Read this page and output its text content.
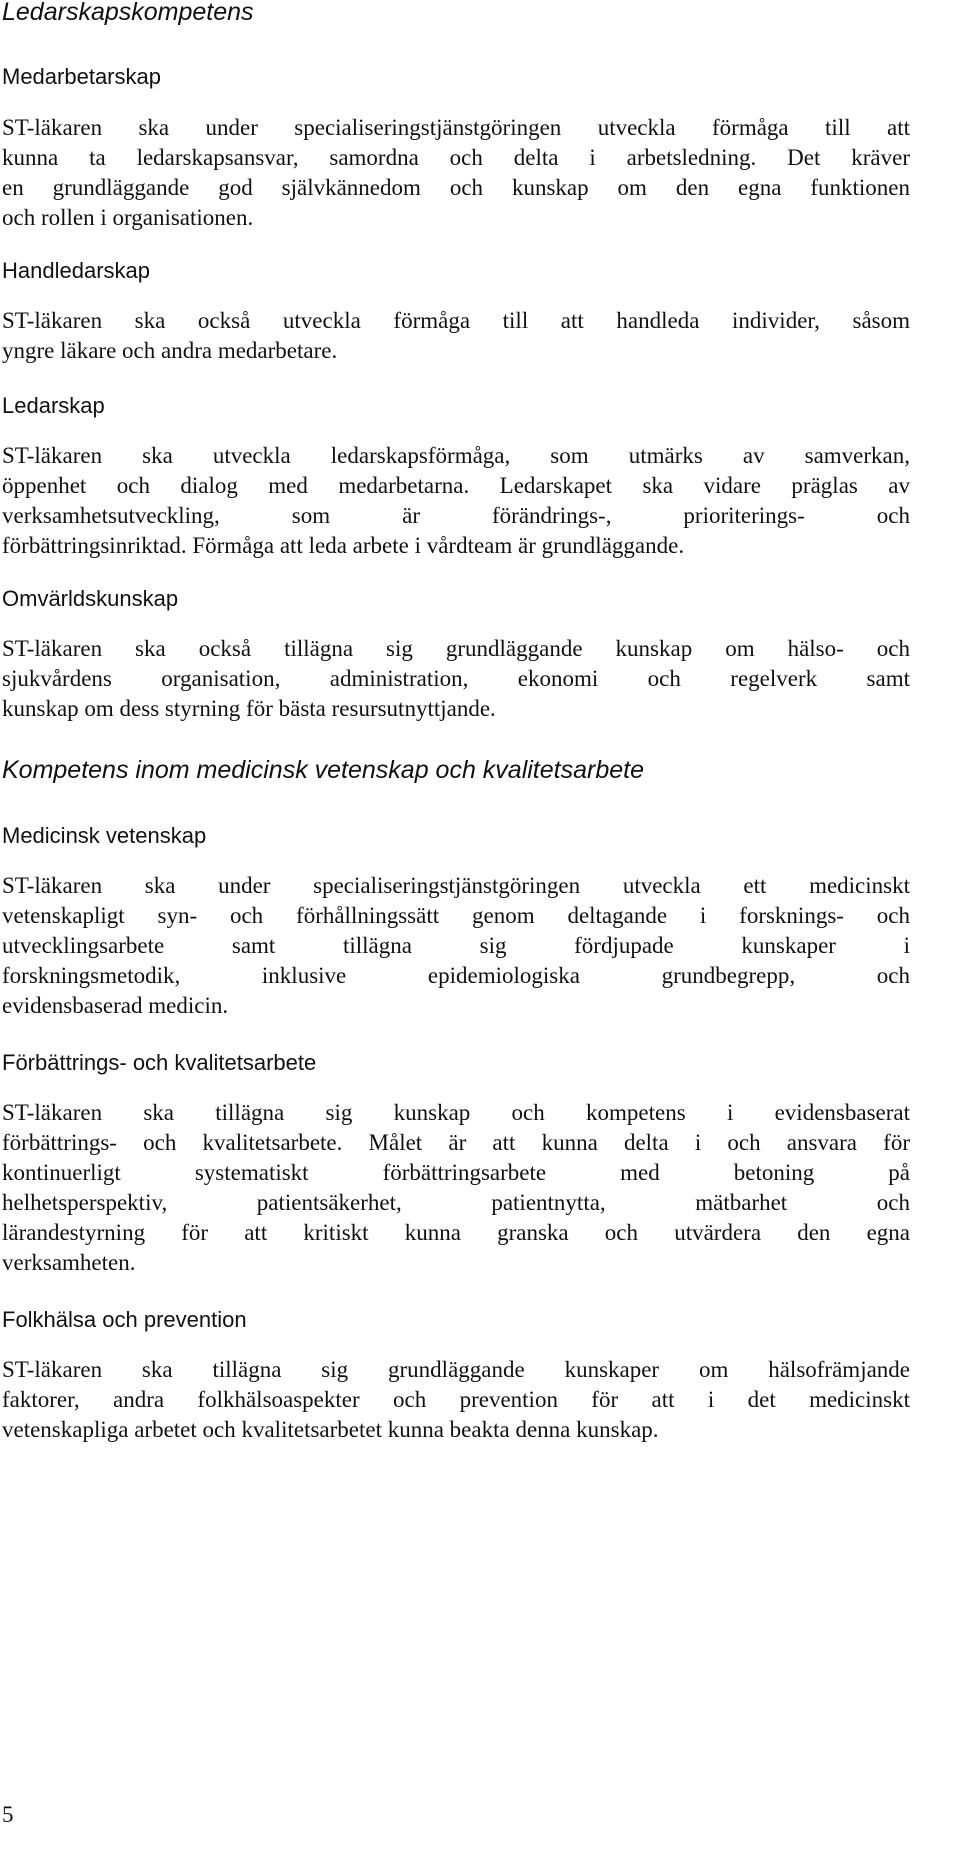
Ledarskapskompetens
Medarbetarskap
ST-läkaren ska under specialiseringstjänstgöringen utveckla förmåga till att
kunna ta ledarskapsansvar, samordna och delta i arbetsledning. Det kräver
en grundläggande god självkännedom och kunskap om den egna funktionen
och rollen i organisationen.
Handledarskap
ST-läkaren ska också utveckla förmåga till att handleda individer, såsom
yngre läkare och andra medarbetare.
Ledarskap
ST-läkaren ska utveckla ledarskapsförmåga, som utmärks av samverkan,
öppenhet och dialog med medarbetarna. Ledarskapet ska vidare präglas av
verksamhetsutveckling, som är förändrings-, prioriterings- och
förbättringsinriktad. Förmåga att leda arbete i vårdteam är grundläggande.
Omvärldskunskap
ST-läkaren ska också tillägna sig grundläggande kunskap om hälso- och
sjukvårdens organisation, administration, ekonomi och regelverk samt
kunskap om dess styrning för bästa resursutnyttjande.
Kompetens inom medicinsk vetenskap och kvalitetsarbete
Medicinsk vetenskap
ST-läkaren ska under specialiseringstjänstgöringen utveckla ett medicinskt
vetenskapligt syn- och förhållningssätt genom deltagande i forsknings- och
utvecklingsarbete samt tillägna sig fördjupade kunskaper i
forskningsmetodik, inklusive epidemiologiska grundbegrepp, och
evidensbaserad medicin.
Förbättrings- och kvalitetsarbete
ST-läkaren ska tillägna sig kunskap och kompetens i evidensbaserat
förbättrings- och kvalitetsarbete. Målet är att kunna delta i och ansvara för
kontinuerligt systematiskt förbättringsarbete med betoning på
helhetsperspektiv, patientsäkerhet, patientnytta, mätbarhet och
lärandestyrning för att kritiskt kunna granska och utvärdera den egna
verksamheten.
Folkhälsa och prevention
ST-läkaren ska tillägna sig grundläggande kunskaper om hälsofrämjande
faktorer, andra folkhälsoaspekter och prevention för att i det medicinskt
vetenskapliga arbetet och kvalitetsarbetet kunna beakta denna kunskap.
5
